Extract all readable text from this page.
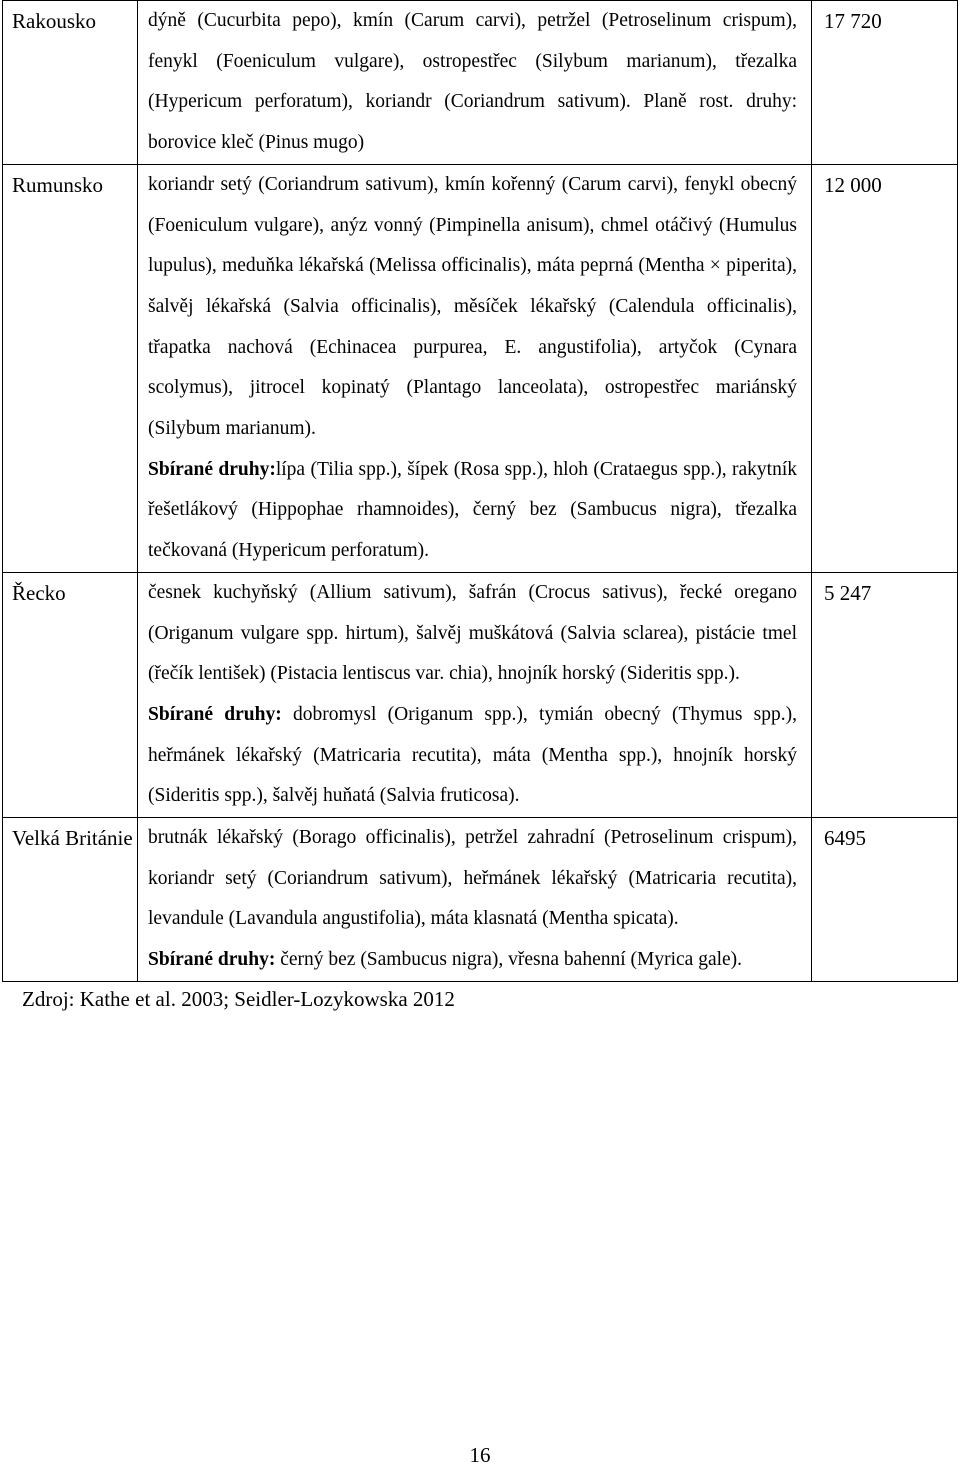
Rakousko	dýně (Cucurbita pepo), kmín (Carum carvi), petržel (Petroselinum crispum), fenykl (Foeniculum vulgare), ostropestřec (Silybum marianum), třezalka (Hypericum perforatum), koriandr (Coriandrum sativum). Planě rost. druhy: borovice kleč (Pinus mugo)	17 720
Rumunsko	koriandr setý (Coriandrum sativum), kmín kořenný (Carum carvi), fenykl obecný (Foeniculum vulgare), anýz vonný (Pimpinella anisum), chmel otáčivý (Humulus lupulus), meduňka lékařská (Melissa officinalis), máta peprná (Mentha × piperita), šalvěj lékařská (Salvia officinalis), měsíček lékařský (Calendula officinalis), třapatka nachová (Echinacea purpurea, E. angustifolia), artyčok (Cynara scolymus), jitrocel kopinatý (Plantago lanceolata), ostropestřec mariánský (Silybum marianum).

Sbírané druhy:lípa (Tilia spp.), šípek (Rosa spp.), hloh (Crataegus spp.), rakytník řešetlákový (Hippophae rhamnoides), černý bez (Sambucus nigra), třezalka tečkovaná (Hypericum perforatum).	12 000
Řecko	česnek kuchyňský (Allium sativum), šafrán (Crocus sativus), řecké oregano (Origanum vulgare spp. hirtum), šalvěj muškátová (Salvia sclarea), pistácie tmel (řečík lentišek) (Pistacia lentiscus var. chia), hnojník horský (Sideritis spp.).

Sbírané druhy: dobromysl (Origanum spp.), tymián obecný (Thymus spp.), heřmánek lékařský (Matricaria recutita), máta (Mentha spp.), hnojník horský (Sideritis spp.), šalvěj huňatá (Salvia fruticosa).	5 247
Velká Británie	brutnák lékařský (Borago officinalis), petržel zahradní (Petroselinum crispum), koriandr setý (Coriandrum sativum), heřmánek lékařský (Matricaria recutita), levandule (Lavandula angustifolia), máta klasnatá (Mentha spicata).

Sbírané druhy: černý bez (Sambucus nigra), vřesna bahenní (Myrica gale).	6495
Zdroj: Kathe et al. 2003; Seidler-Lozykowska 2012
16
